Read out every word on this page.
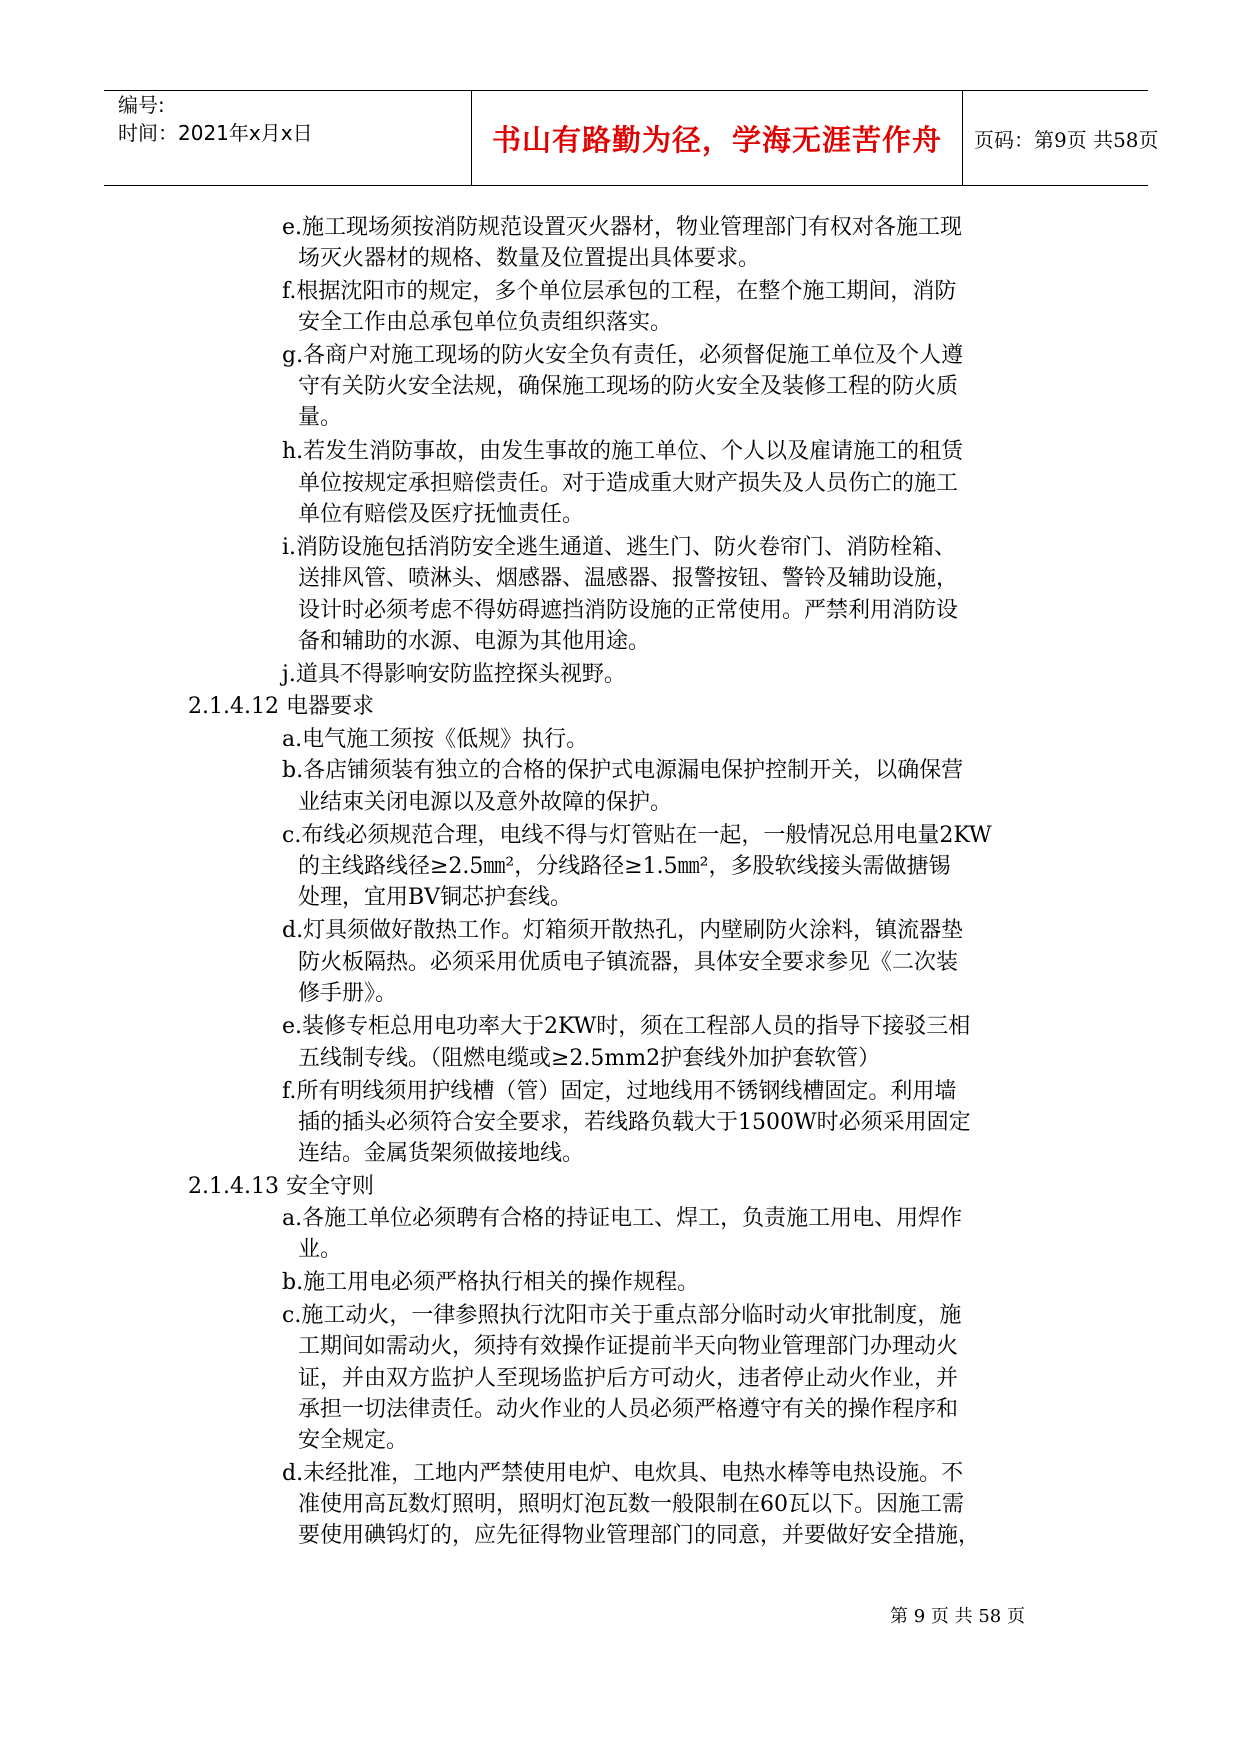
编号:
时间：2021年x月x日	书山有路勤为径，学海无涯苦作舟	页码：第9页 共58页
e.施工现场须按消防规范设置灭火器材，物业管理部门有权对各施工现
场灭火器材的规格、数量及位置提出具体要求。
f.根据沈阳市的规定，多个单位层承包的工程，在整个施工期间，消防
安全工作由总承包单位负责组织落实。
g.各商户对施工现场的防火安全负有责任，必须督促施工单位及个人遵
守有关防火安全法规，确保施工现场的防火安全及装修工程的防火质
量。
h.若发生消防事故，由发生事故的施工单位、个人以及雇请施工的租赁
单位按规定承担赔偿责任。对于造成重大财产损失及人员伤亡的施工
单位有赔偿及医疗抚恤责任。
i.消防设施包括消防安全逃生通道、逃生门、防火卷帘门、消防栓箱、
送排风管、喷淋头、烟感器、温感器、报警按钮、警铃及辅助设施，
设计时必须考虑不得妨碍遮挡消防设施的正常使用。严禁利用消防设
备和辅助的水源、电源为其他用途。
j.道具不得影响安防监控探头视野。
2.1.4.12 电器要求
a.电气施工须按《低规》执行。
b.各店铺须装有独立的合格的保护式电源漏电保护控制开关，以确保营
业结束关闭电源以及意外故障的保护。
c.布线必须规范合理，电线不得与灯管贴在一起，一般情况总用电量2KW
的主线路线径≥2.5㎜²，分线路径≥1.5㎜²，多股软线接头需做搪锡
处理，宜用BV铜芯护套线。
d.灯具须做好散热工作。灯箱须开散热孔，内壁刷防火涂料，镇流器垫
防火板隔热。必须采用优质电子镇流器，具体安全要求参见《二次装
修手册》。
e.装修专柜总用电功率大于2KW时，须在工程部人员的指导下接驳三相
五线制专线。（阻燃电缆或≥2.5mm2护套线外加护套软管）
f.所有明线须用护线槽（管）固定，过地线用不锈钢线槽固定。利用墙
插的插头必须符合安全要求，若线路负载大于1500W时必须采用固定
连结。金属货架须做接地线。
2.1.4.13 安全守则
a.各施工单位必须聘有合格的持证电工、焊工，负责施工用电、用焊作
业。
b.施工用电必须严格执行相关的操作规程。
c.施工动火，一律参照执行沈阳市关于重点部分临时动火审批制度，施
工期间如需动火，须持有效操作证提前半天向物业管理部门办理动火
证，并由双方监护人至现场监护后方可动火，违者停止动火作业，并
承担一切法律责任。动火作业的人员必须严格遵守有关的操作程序和
安全规定。
d.未经批准，工地内严禁使用电炉、电炊具、电热水棒等电热设施。不
准使用高瓦数灯照明，照明灯泡瓦数一般限制在60瓦以下。因施工需
要使用碘钨灯的，应先征得物业管理部门的同意，并要做好安全措施，
第 9 页 共 58 页
